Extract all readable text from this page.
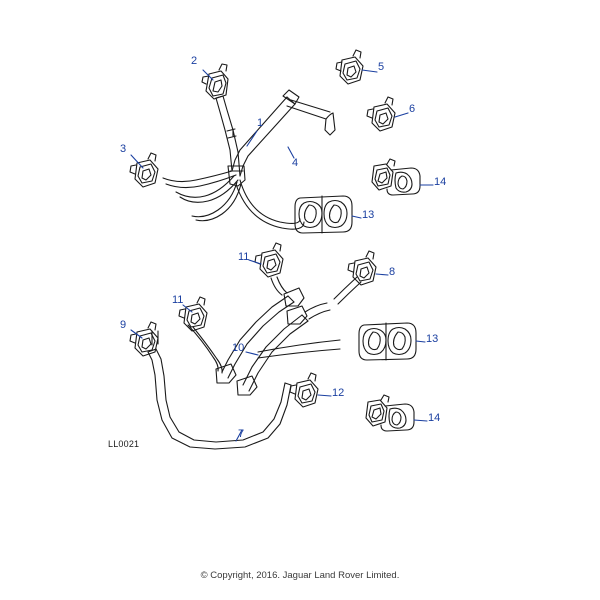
2	5
6
1
3
4
14
13
11
8
11
9
13
10
12
14
7
LL0021
© Copyright, 2016. Jaguar Land Rover Limited.
